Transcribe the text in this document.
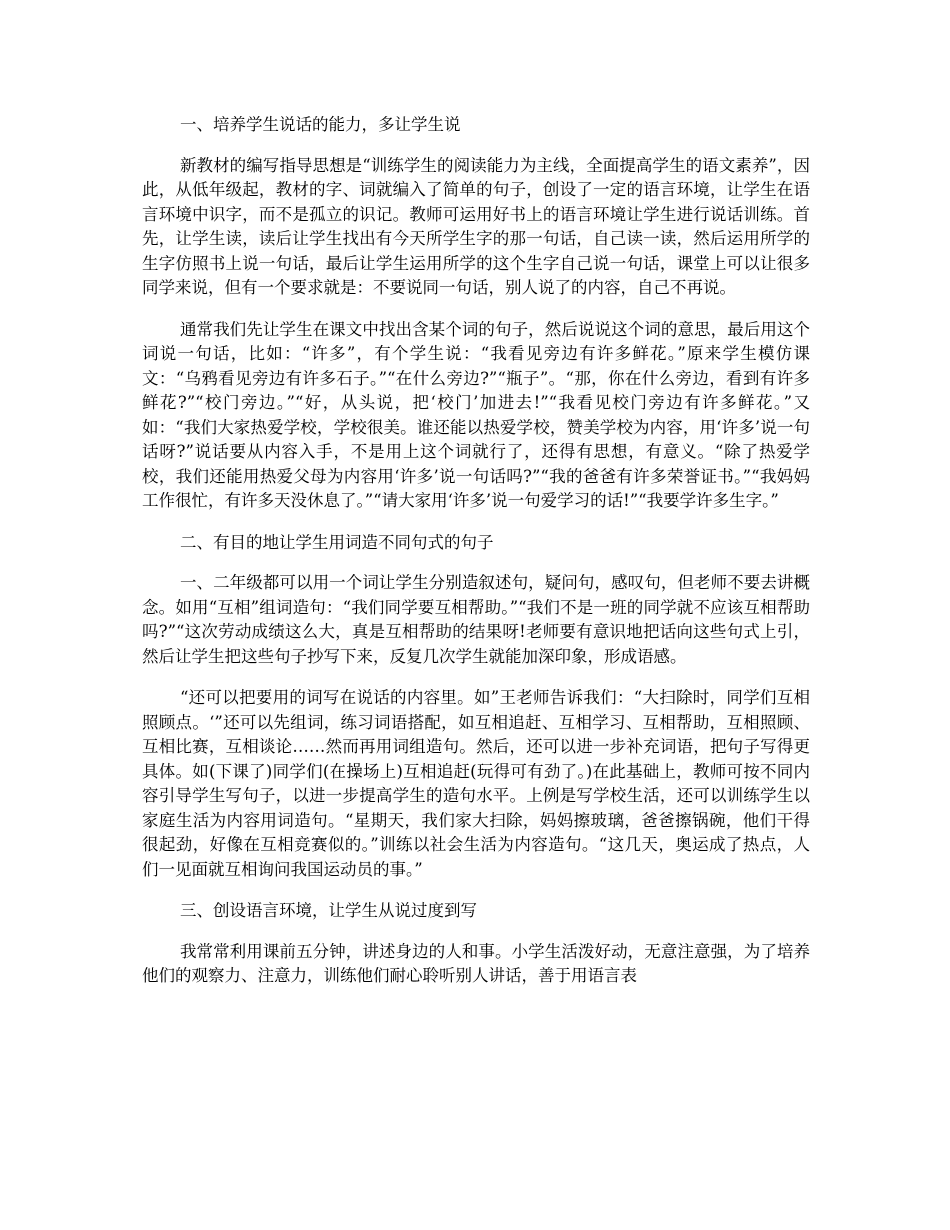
一、培养学生说话的能力，多让学生说

新教材的编写指导思想是“训练学生的阅读能力为主线，全面提高学生的语文素养”，因此，从低年级起，教材的字、词就编入了简单的句子，创设了一定的语言环境，让学生在语言环境中识字，而不是孤立的识记。教师可运用好书上的语言环境让学生进行说话训练。首先，让学生读，读后让学生找出有今天所学生字的那一句话，自己读一读，然后运用所学的生字仿照书上说一句话，最后让学生运用所学的这个生字自己说一句话，课堂上可以让很多同学来说，但有一个要求就是：不要说同一句话，别人说了的内容，自己不再说。

通常我们先让学生在课文中找出含某个词的句子，然后说说这个词的意思，最后用这个词说一句话，比如：“许多”，有个学生说：“我看见旁边有许多鲜花。”原来学生模仿课文：“乌鸦看见旁边有许多石子。”“在什么旁边?”“瓶子”。“那，你在什么旁边，看到有许多鲜花?”“校门旁边。”“好，从头说，把‘校门’加进去!”“我看见校门旁边有许多鲜花。”又如：“我们大家热爱学校，学校很美。谁还能以热爱学校，赞美学校为内容，用‘许多’说一句话呀?”说话要从内容入手，不是用上这个词就行了，还得有思想，有意义。“除了热爱学校，我们还能用热爱父母为内容用‘许多’说一句话吗?”“我的爸爸有许多荣誉证书。”“我妈妈工作很忙，有许多天没休息了。”“请大家用‘许多’说一句爱学习的话!”“我要学许多生字。”

二、有目的地让学生用词造不同句式的句子

一、二年级都可以用一个词让学生分别造叙述句，疑问句，感叹句，但老师不要去讲概念。如用“互相”组词造句：“我们同学要互相帮助。”“我们不是一班的同学就不应该互相帮助吗?”“这次劳动成绩这么大，真是互相帮助的结果呀!老师要有意识地把话向这些句式上引，然后让学生把这些句子抄写下来，反复几次学生就能加深印象，形成语感。

“还可以把要用的词写在说话的内容里。如”王老师告诉我们：“大扫除时，同学们互相照顾点。‘”还可以先组词，练习词语搭配，如互相追赶、互相学习、互相帮助，互相照顾、互相比赛，互相谈论……然而再用词组造句。然后，还可以进一步补充词语，把句子写得更具体。如(下课了)同学们(在操场上)互相追赶(玩得可有劲了。)在此基础上，教师可按不同内容引导学生写句子，以进一步提高学生的造句水平。上例是写学校生活，还可以训练学生以家庭生活为内容用词造句。“星期天，我们家大扫除，妈妈擦玻璃，爸爸擦锅碗，他们干得很起劲，好像在互相竞赛似的。”训练以社会生活为内容造句。“这几天，奥运成了热点，人们一见面就互相询问我国运动员的事。”

三、创设语言环境，让学生从说过度到写

我常常利用课前五分钟，讲述身边的人和事。小学生活泼好动，无意注意强，为了培养他们的观察力、注意力，训练他们耐心聆听别人讲话，善于用语言表
